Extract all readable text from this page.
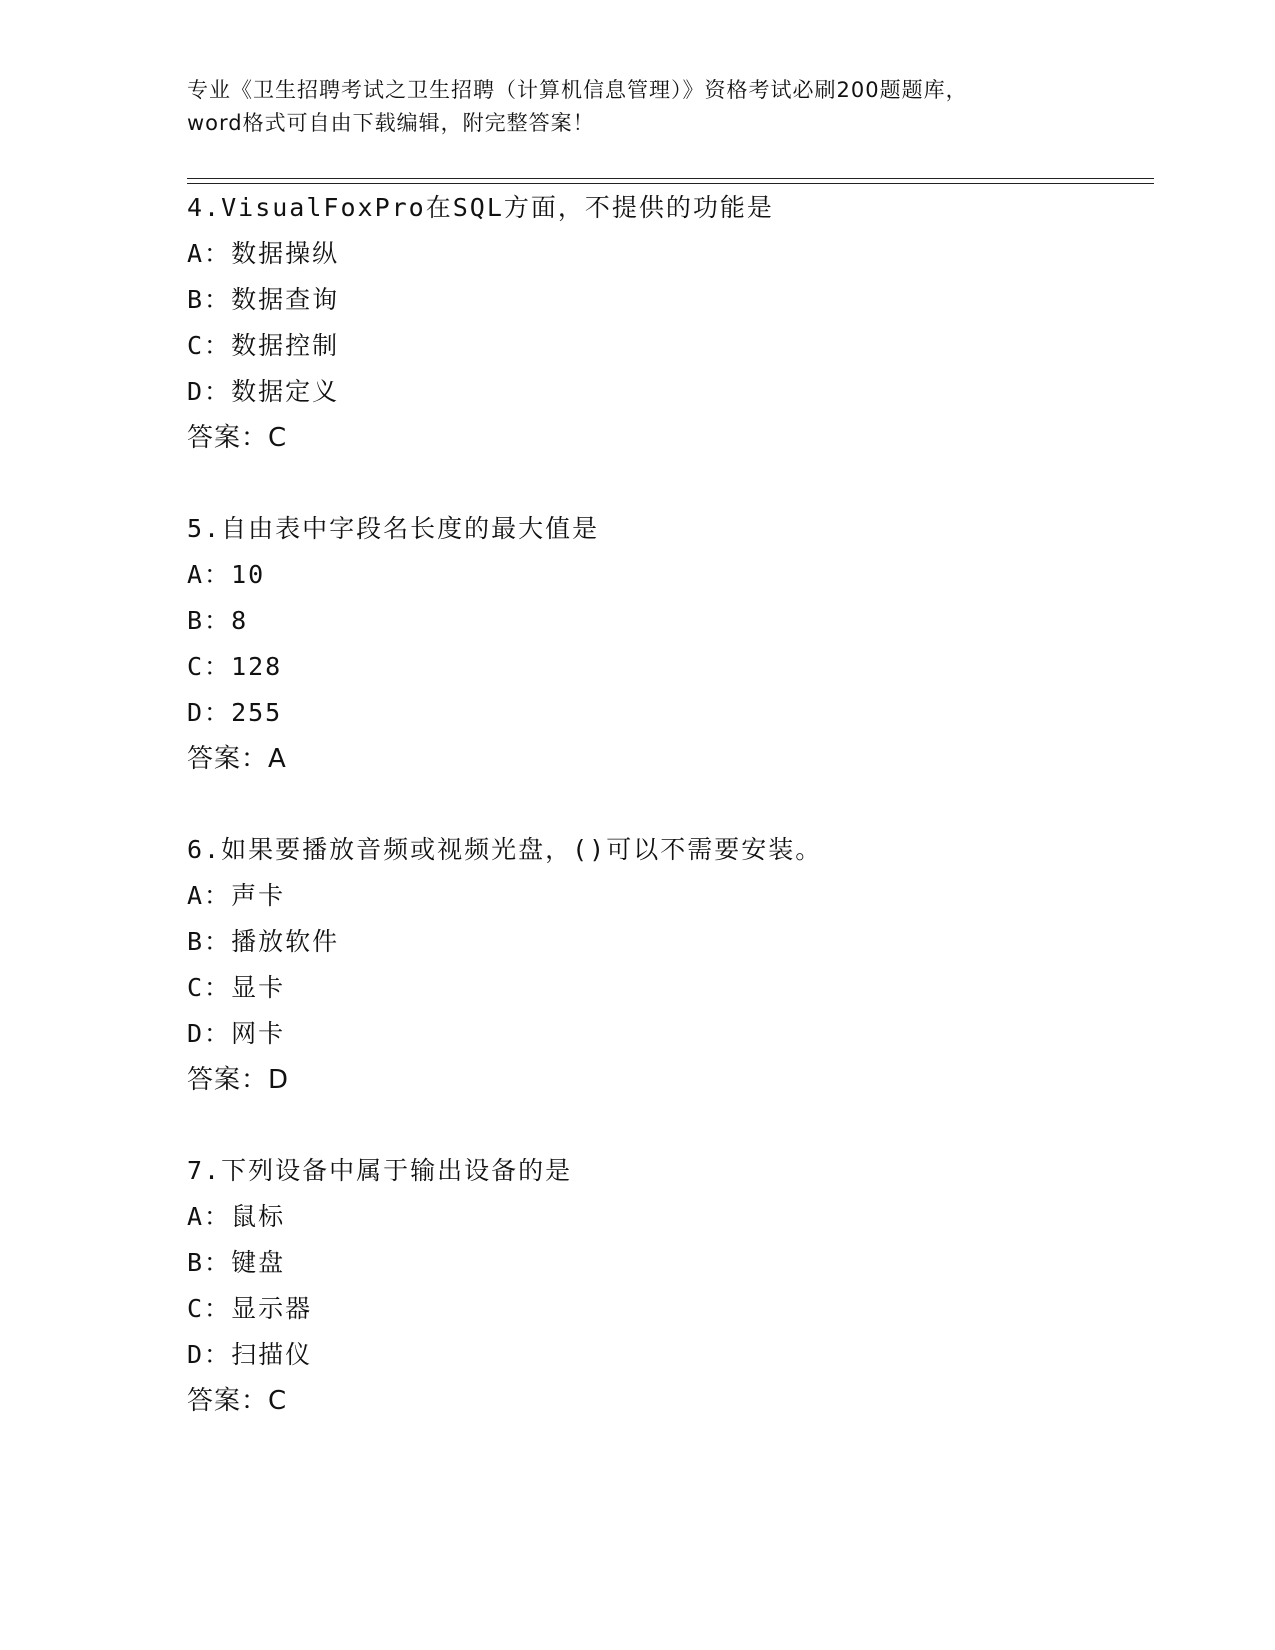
专业《卫生招聘考试之卫生招聘（计算机信息管理）》资格考试必刷200题题库，
word格式可自由下载编辑，附完整答案！
4.VisualFoxPro在SQL方面，不提供的功能是
A：数据操纵
B：数据查询
C：数据控制
D：数据定义
答案：C
5.自由表中字段名长度的最大值是
A：10
B：8
C：128
D：255
答案：A
6.如果要播放音频或视频光盘，()可以不需要安装。
A：声卡
B：播放软件
C：显卡
D：网卡
答案：D
7.下列设备中属于输出设备的是
A：鼠标
B：键盘
C：显示器
D：扫描仪
答案：C
